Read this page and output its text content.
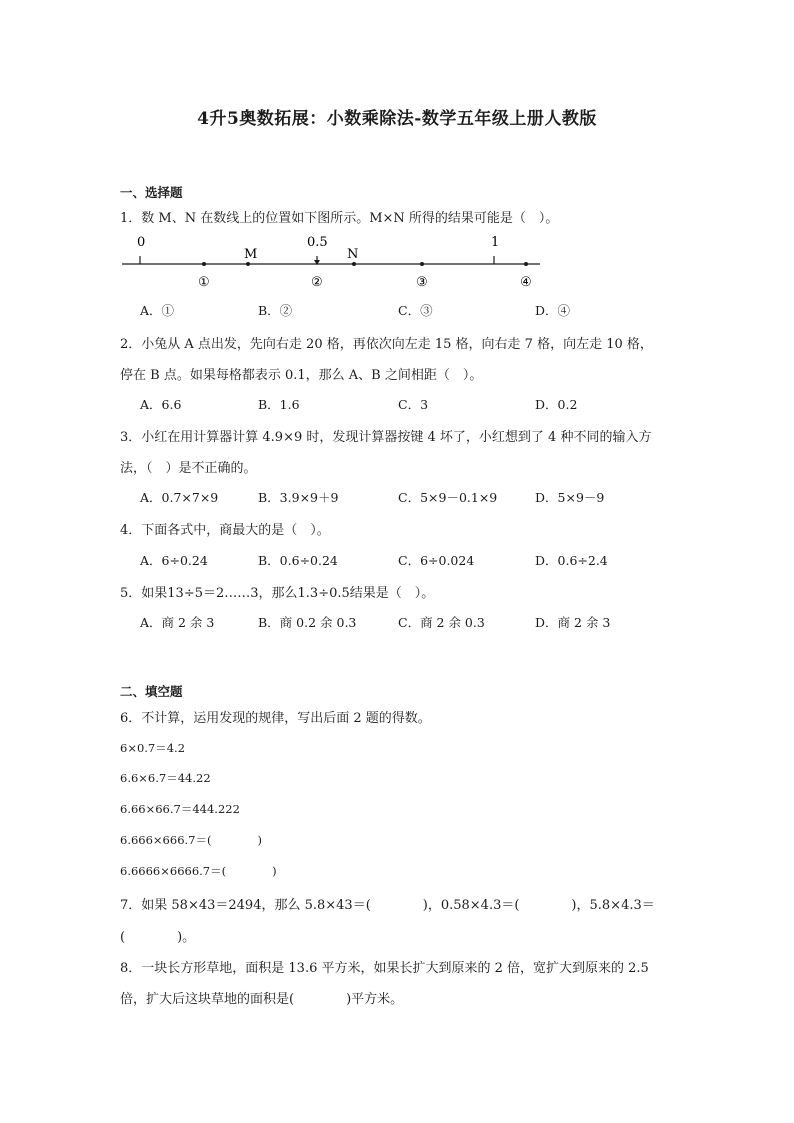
4升5奥数拓展：小数乘除法-数学五年级上册人教版
一、选择题
1．数 M、N 在数线上的位置如下图所示。M×N 所得的结果可能是（　）。
0
M
0.5
N
1
①	②	③	④
A．①	B．②	C．③	D．④
2．小兔从 A 点出发，先向右走 20 格，再依次向左走 15 格，向右走 7 格，向左走 10 格，
停在 B 点。如果每格都表示 0.1，那么 A、B 之间相距（　）。
A．6.6	B．1.6	C．3	D．0.2
3．小红在用计算器计算 4.9×9 时，发现计算器按键 4 坏了，小红想到了 4 种不同的输入方
法，（　）是不正确的。
A．0.7×7×9	B．3.9×9＋9	C．5×9－0.1×9	D．5×9－9
4．下面各式中，商最大的是（　）。
A．6÷0.24	B．0.6÷0.24	C．6÷0.024	D．0.6÷2.4
5．如果13÷5＝2……3，那么1.3÷0.5结果是（　）。
A．商 2 余 3	B．商 0.2 余 0.3	C．商 2 余 0.3	D．商 2 余 3
二、填空题
6．不计算，运用发现的规律，写出后面 2 题的得数。
6×0.7＝4.2
6.6×6.7＝44.22
6.66×66.7＝444.222
6.666×666.7＝(　　　　)
6.6666×6666.7＝(　　　　)
7．如果 58×43＝2494，那么 5.8×43＝(　　　　)，0.58×4.3＝(　　　　)，5.8×4.3＝
(　　　　)。
8．一块长方形草地，面积是 13.6 平方米，如果长扩大到原来的 2 倍，宽扩大到原来的 2.5
倍，扩大后这块草地的面积是(　　　　)平方米。
